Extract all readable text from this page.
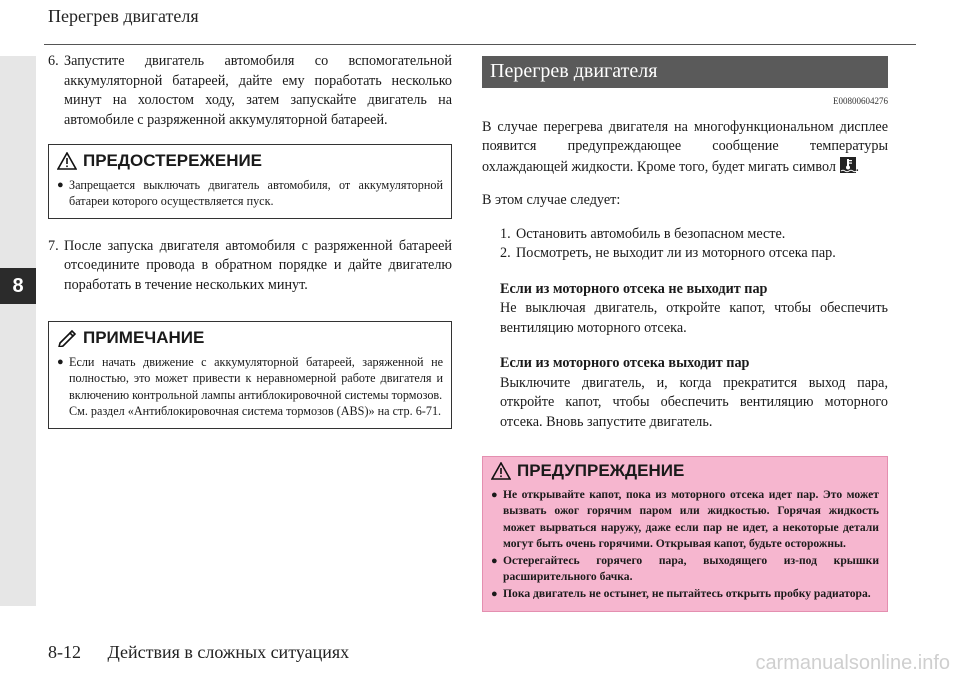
Перегрев двигателя
8
6. Запустите двигатель автомобиля со вспомогательной аккумуляторной батареей, дайте ему поработать несколько минут на холостом ходу, затем запускайте двигатель на автомобиле с разряженной аккумуляторной батареей.
ПРЕДОСТЕРЕЖЕНИЕ
● Запрещается выключать двигатель автомобиля, от аккумуляторной батареи которого осуществляется пуск.
7. После запуска двигателя автомобиля с разряженной батареей отсоедините провода в обратном порядке и дайте двигателю поработать в течение нескольких минут.
ПРИМЕЧАНИЕ
● Если начать движение с аккумуляторной батареей, заряженной не полностью, это может привести к неравномерной работе двигателя и включению контрольной лампы антиблокировочной системы тормозов.
См. раздел «Антиблокировочная система тормозов (ABS)» на стр. 6-71.
Перегрев двигателя
E00800604276
В случае перегрева двигателя на многофункциональном дисплее появится предупреждающее сообщение температуры охлаждающей жидкости. Кроме того, будет мигать символ .
В этом случае следует:
1. Остановить автомобиль в безопасном месте.
2. Посмотреть, не выходит ли из моторного отсека пар.
Если из моторного отсека не выходит пар
Не выключая двигатель, откройте капот, чтобы обеспечить вентиляцию моторного отсека.
Если из моторного отсека выходит пар
Выключите двигатель, и, когда прекратится выход пара, откройте капот, чтобы обеспечить вентиляцию моторного отсека. Вновь запустите двигатель.
ПРЕДУПРЕЖДЕНИЕ
● Не открывайте капот, пока из моторного отсека идет пар. Это может вызвать ожог горячим паром или жидкостью. Горячая жидкость может вырваться наружу, даже если пар не идет, а некоторые детали могут быть очень горячими. Открывая капот, будьте осторожны.
● Остерегайтесь горячего пара, выходящего из-под крышки расширительного бачка.
● Пока двигатель не остынет, не пытайтесь открыть пробку радиатора.
8-12 Действия в сложных ситуациях	carmanualsonline.info
